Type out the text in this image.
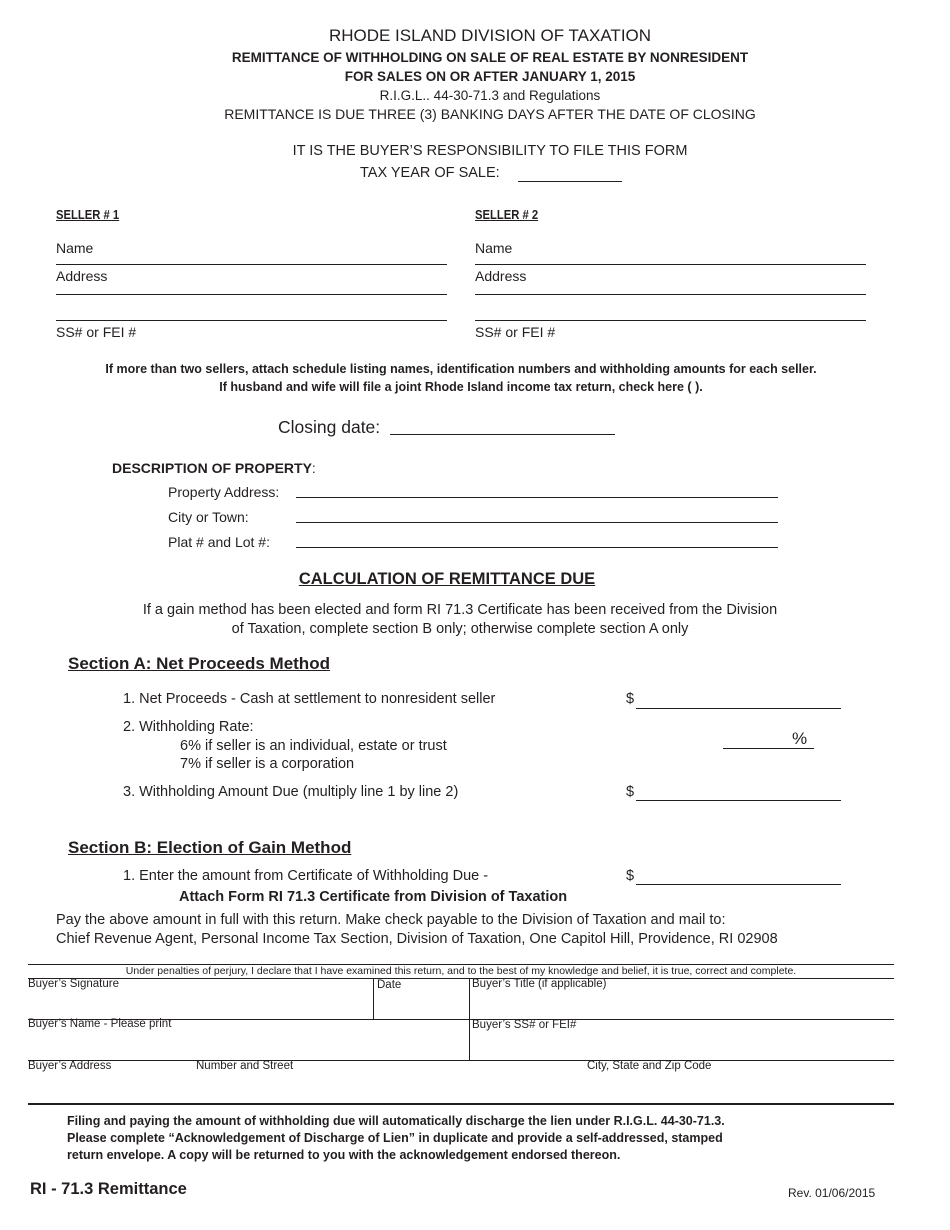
RHODE ISLAND DIVISION OF TAXATION
REMITTANCE OF WITHHOLDING ON SALE OF REAL ESTATE BY NONRESIDENT
FOR SALES ON OR AFTER JANUARY 1, 2015
R.I.G.L.. 44-30-71.3 and Regulations
REMITTANCE IS DUE THREE (3) BANKING DAYS AFTER THE DATE OF CLOSING
IT IS THE BUYER’S RESPONSIBILITY TO FILE THIS FORM
TAX YEAR OF SALE:
SELLER # 1
Name
Address
SS# or FEI #
SELLER # 2
Name
Address
SS# or FEI #
If more than two sellers, attach schedule listing names, identification numbers and withholding amounts for each seller.
If husband and wife will file a joint Rhode Island income tax return, check here ( ).
Closing date:
DESCRIPTION OF PROPERTY:
Property Address:
City or Town:
Plat # and Lot #:
CALCULATION OF REMITTANCE DUE
If a gain method has been elected and form RI 71.3 Certificate has been received from the Division
of Taxation, complete section B only; otherwise complete section A only
Section A: Net Proceeds Method
1. Net Proceeds - Cash at settlement to nonresident seller	$
2. Withholding Rate:
6% if seller is an individual, estate or trust
7% if seller is a corporation
%
3. Withholding Amount Due (multiply line 1 by line 2)	$
Section B: Election of Gain Method
1. Enter the amount from Certificate of Withholding Due -	$
Attach Form RI 71.3 Certificate from Division of Taxation
Pay the above amount in full with this return. Make check payable to the Division of Taxation and mail to:
Chief Revenue Agent, Personal Income Tax Section, Division of Taxation, One Capitol Hill, Providence, RI 02908
Under penalties of perjury, I declare that I have examined this return, and to the best of my knowledge and belief, it is true, correct and complete.
Buyer’s Signature	Date	Buyer’s Title (if applicable)
Buyer’s Name - Please print	Buyer’s SS# or FEI#
Buyer’s Address	Number and Street	City, State and Zip Code
Filing and paying the amount of withholding due will automatically discharge the lien under R.I.G.L. 44-30-71.3.
Please complete “Acknowledgement of Discharge of Lien” in duplicate and provide a self-addressed, stamped
return envelope. A copy will be returned to you with the acknowledgement endorsed thereon.
RI - 71.3 Remittance	Rev. 01/06/2015
